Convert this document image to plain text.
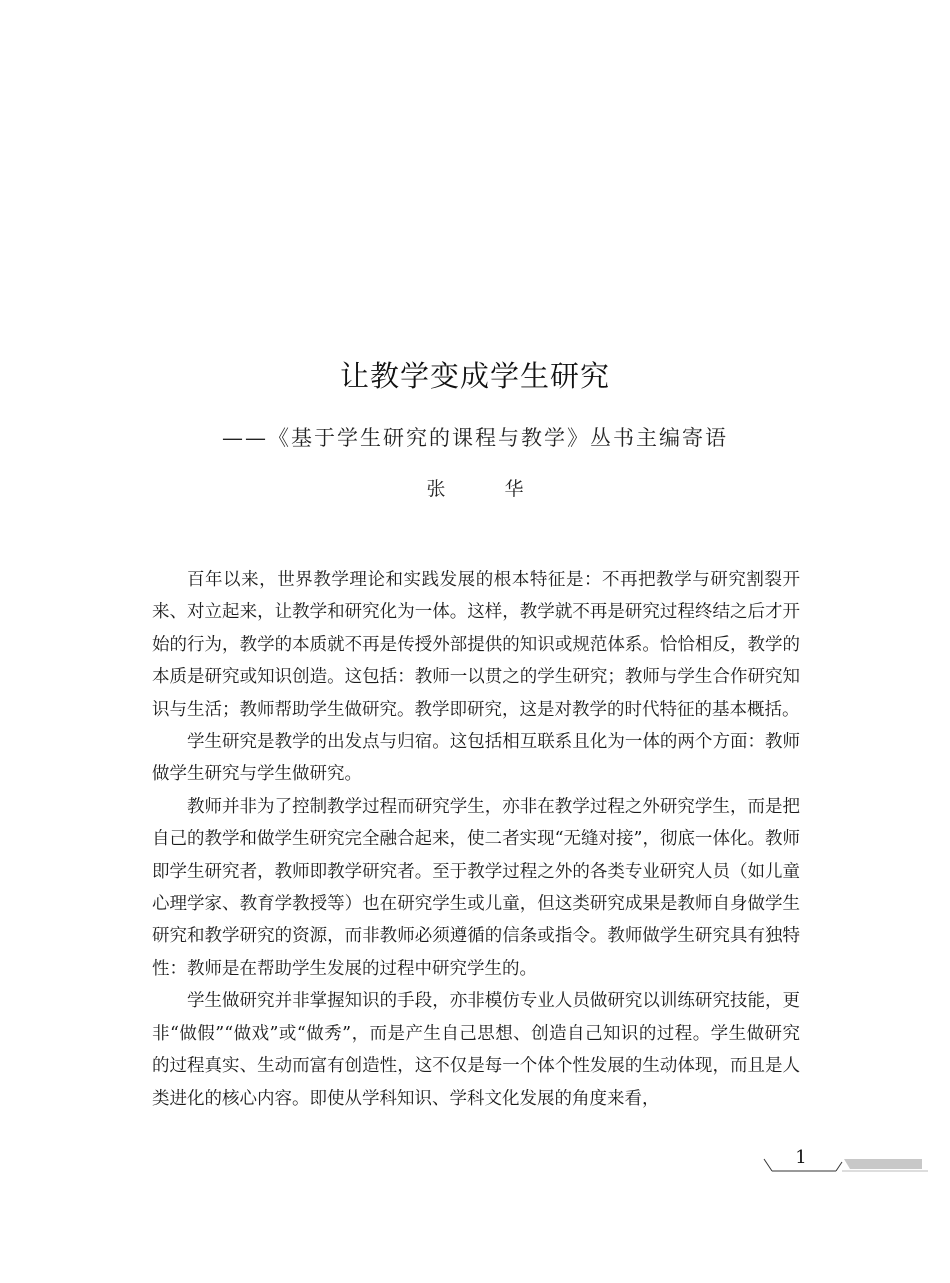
让教学变成学生研究
——《基于学生研究的课程与教学》丛书主编寄语
张　华

百年以来，世界教学理论和实践发展的根本特征是：不再把教学与研究割裂开来、对立起来，让教学和研究化为一体。这样，教学就不再是研究过程终结之后才开始的行为，教学的本质就不再是传授外部提供的知识或规范体系。恰恰相反，教学的本质是研究或知识创造。这包括：教师一以贯之的学生研究；教师与学生合作研究知识与生活；教师帮助学生做研究。教学即研究，这是对教学的时代特征的基本概括。

学生研究是教学的出发点与归宿。这包括相互联系且化为一体的两个方面：教师做学生研究与学生做研究。

教师并非为了控制教学过程而研究学生，亦非在教学过程之外研究学生，而是把自己的教学和做学生研究完全融合起来，使二者实现“无缝对接”，彻底一体化。教师即学生研究者，教师即教学研究者。至于教学过程之外的各类专业研究人员（如儿童心理学家、教育学教授等）也在研究学生或儿童，但这类研究成果是教师自身做学生研究和教学研究的资源，而非教师必须遵循的信条或指令。教师做学生研究具有独特性：教师是在帮助学生发展的过程中研究学生的。

学生做研究并非掌握知识的手段，亦非模仿专业人员做研究以训练研究技能，更非“做假”“做戏”或“做秀”，而是产生自己思想、创造自己知识的过程。学生做研究的过程真实、生动而富有创造性，这不仅是每一个体个性发展的生动体现，而且是人类进化的核心内容。即使从学科知识、学科文化发展的角度来看，

1
